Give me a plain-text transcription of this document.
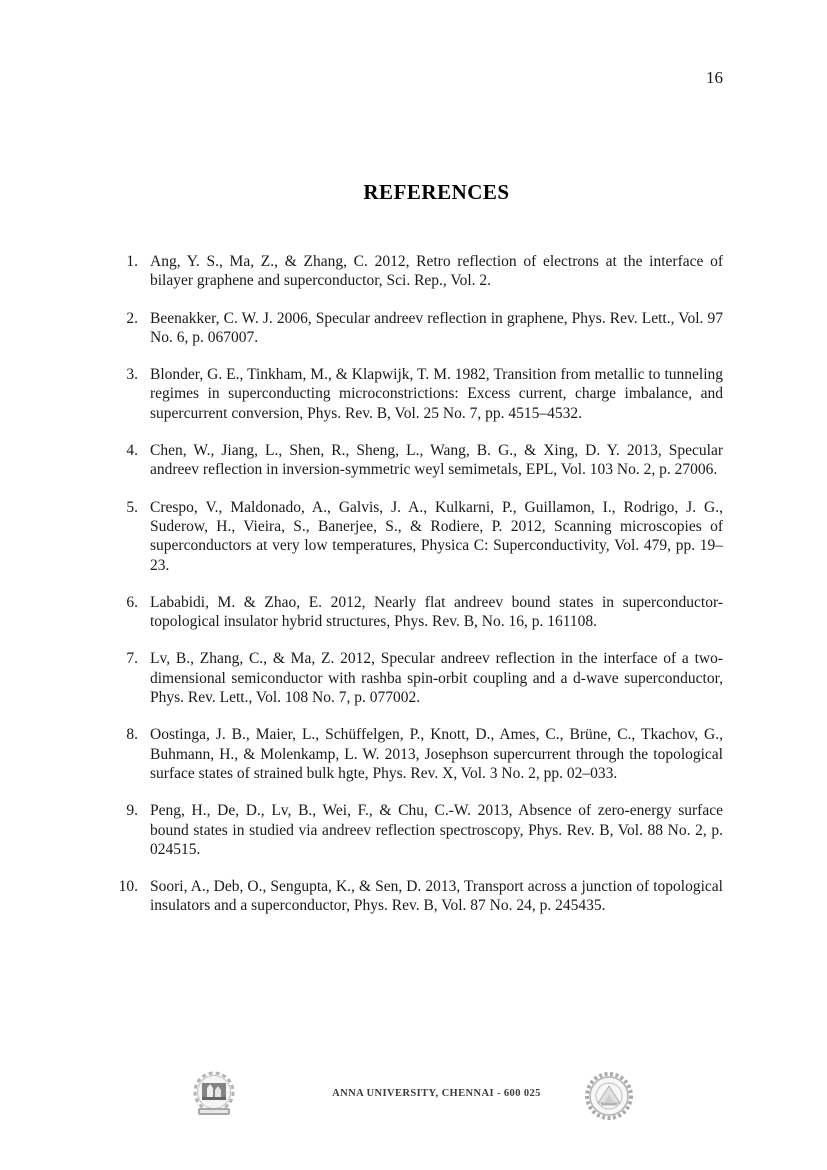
16
REFERENCES
1. Ang, Y. S., Ma, Z., & Zhang, C. 2012, Retro reflection of electrons at the interface of bilayer graphene and superconductor, Sci. Rep., Vol. 2.
2. Beenakker, C. W. J. 2006, Specular andreev reflection in graphene, Phys. Rev. Lett., Vol. 97 No. 6, p. 067007.
3. Blonder, G. E., Tinkham, M., & Klapwijk, T. M. 1982, Transition from metallic to tunneling regimes in superconducting microconstrictions: Excess current, charge imbalance, and supercurrent conversion, Phys. Rev. B, Vol. 25 No. 7, pp. 4515–4532.
4. Chen, W., Jiang, L., Shen, R., Sheng, L., Wang, B. G., & Xing, D. Y. 2013, Specular andreev reflection in inversion-symmetric weyl semimetals, EPL, Vol. 103 No. 2, p. 27006.
5. Crespo, V., Maldonado, A., Galvis, J. A., Kulkarni, P., Guillamon, I., Rodrigo, J. G., Suderow, H., Vieira, S., Banerjee, S., & Rodiere, P. 2012, Scanning microscopies of superconductors at very low temperatures, Physica C: Superconductivity, Vol. 479, pp. 19–23.
6. Lababidi, M. & Zhao, E. 2012, Nearly flat andreev bound states in superconductor-topological insulator hybrid structures, Phys. Rev. B, No. 16, p. 161108.
7. Lv, B., Zhang, C., & Ma, Z. 2012, Specular andreev reflection in the interface of a two-dimensional semiconductor with rashba spin-orbit coupling and a d-wave superconductor, Phys. Rev. Lett., Vol. 108 No. 7, p. 077002.
8. Oostinga, J. B., Maier, L., Schüffelgen, P., Knott, D., Ames, C., Brüne, C., Tkachov, G., Buhmann, H., & Molenkamp, L. W. 2013, Josephson supercurrent through the topological surface states of strained bulk hgte, Phys. Rev. X, Vol. 3 No. 2, pp. 02–033.
9. Peng, H., De, D., Lv, B., Wei, F., & Chu, C.-W. 2013, Absence of zero-energy surface bound states in studied via andreev reflection spectroscopy, Phys. Rev. B, Vol. 88 No. 2, p. 024515.
10. Soori, A., Deb, O., Sengupta, K., & Sen, D. 2013, Transport across a junction of topological insulators and a superconductor, Phys. Rev. B, Vol. 87 No. 24, p. 245435.
ANNA UNIVERSITY, CHENNAI - 600 025
